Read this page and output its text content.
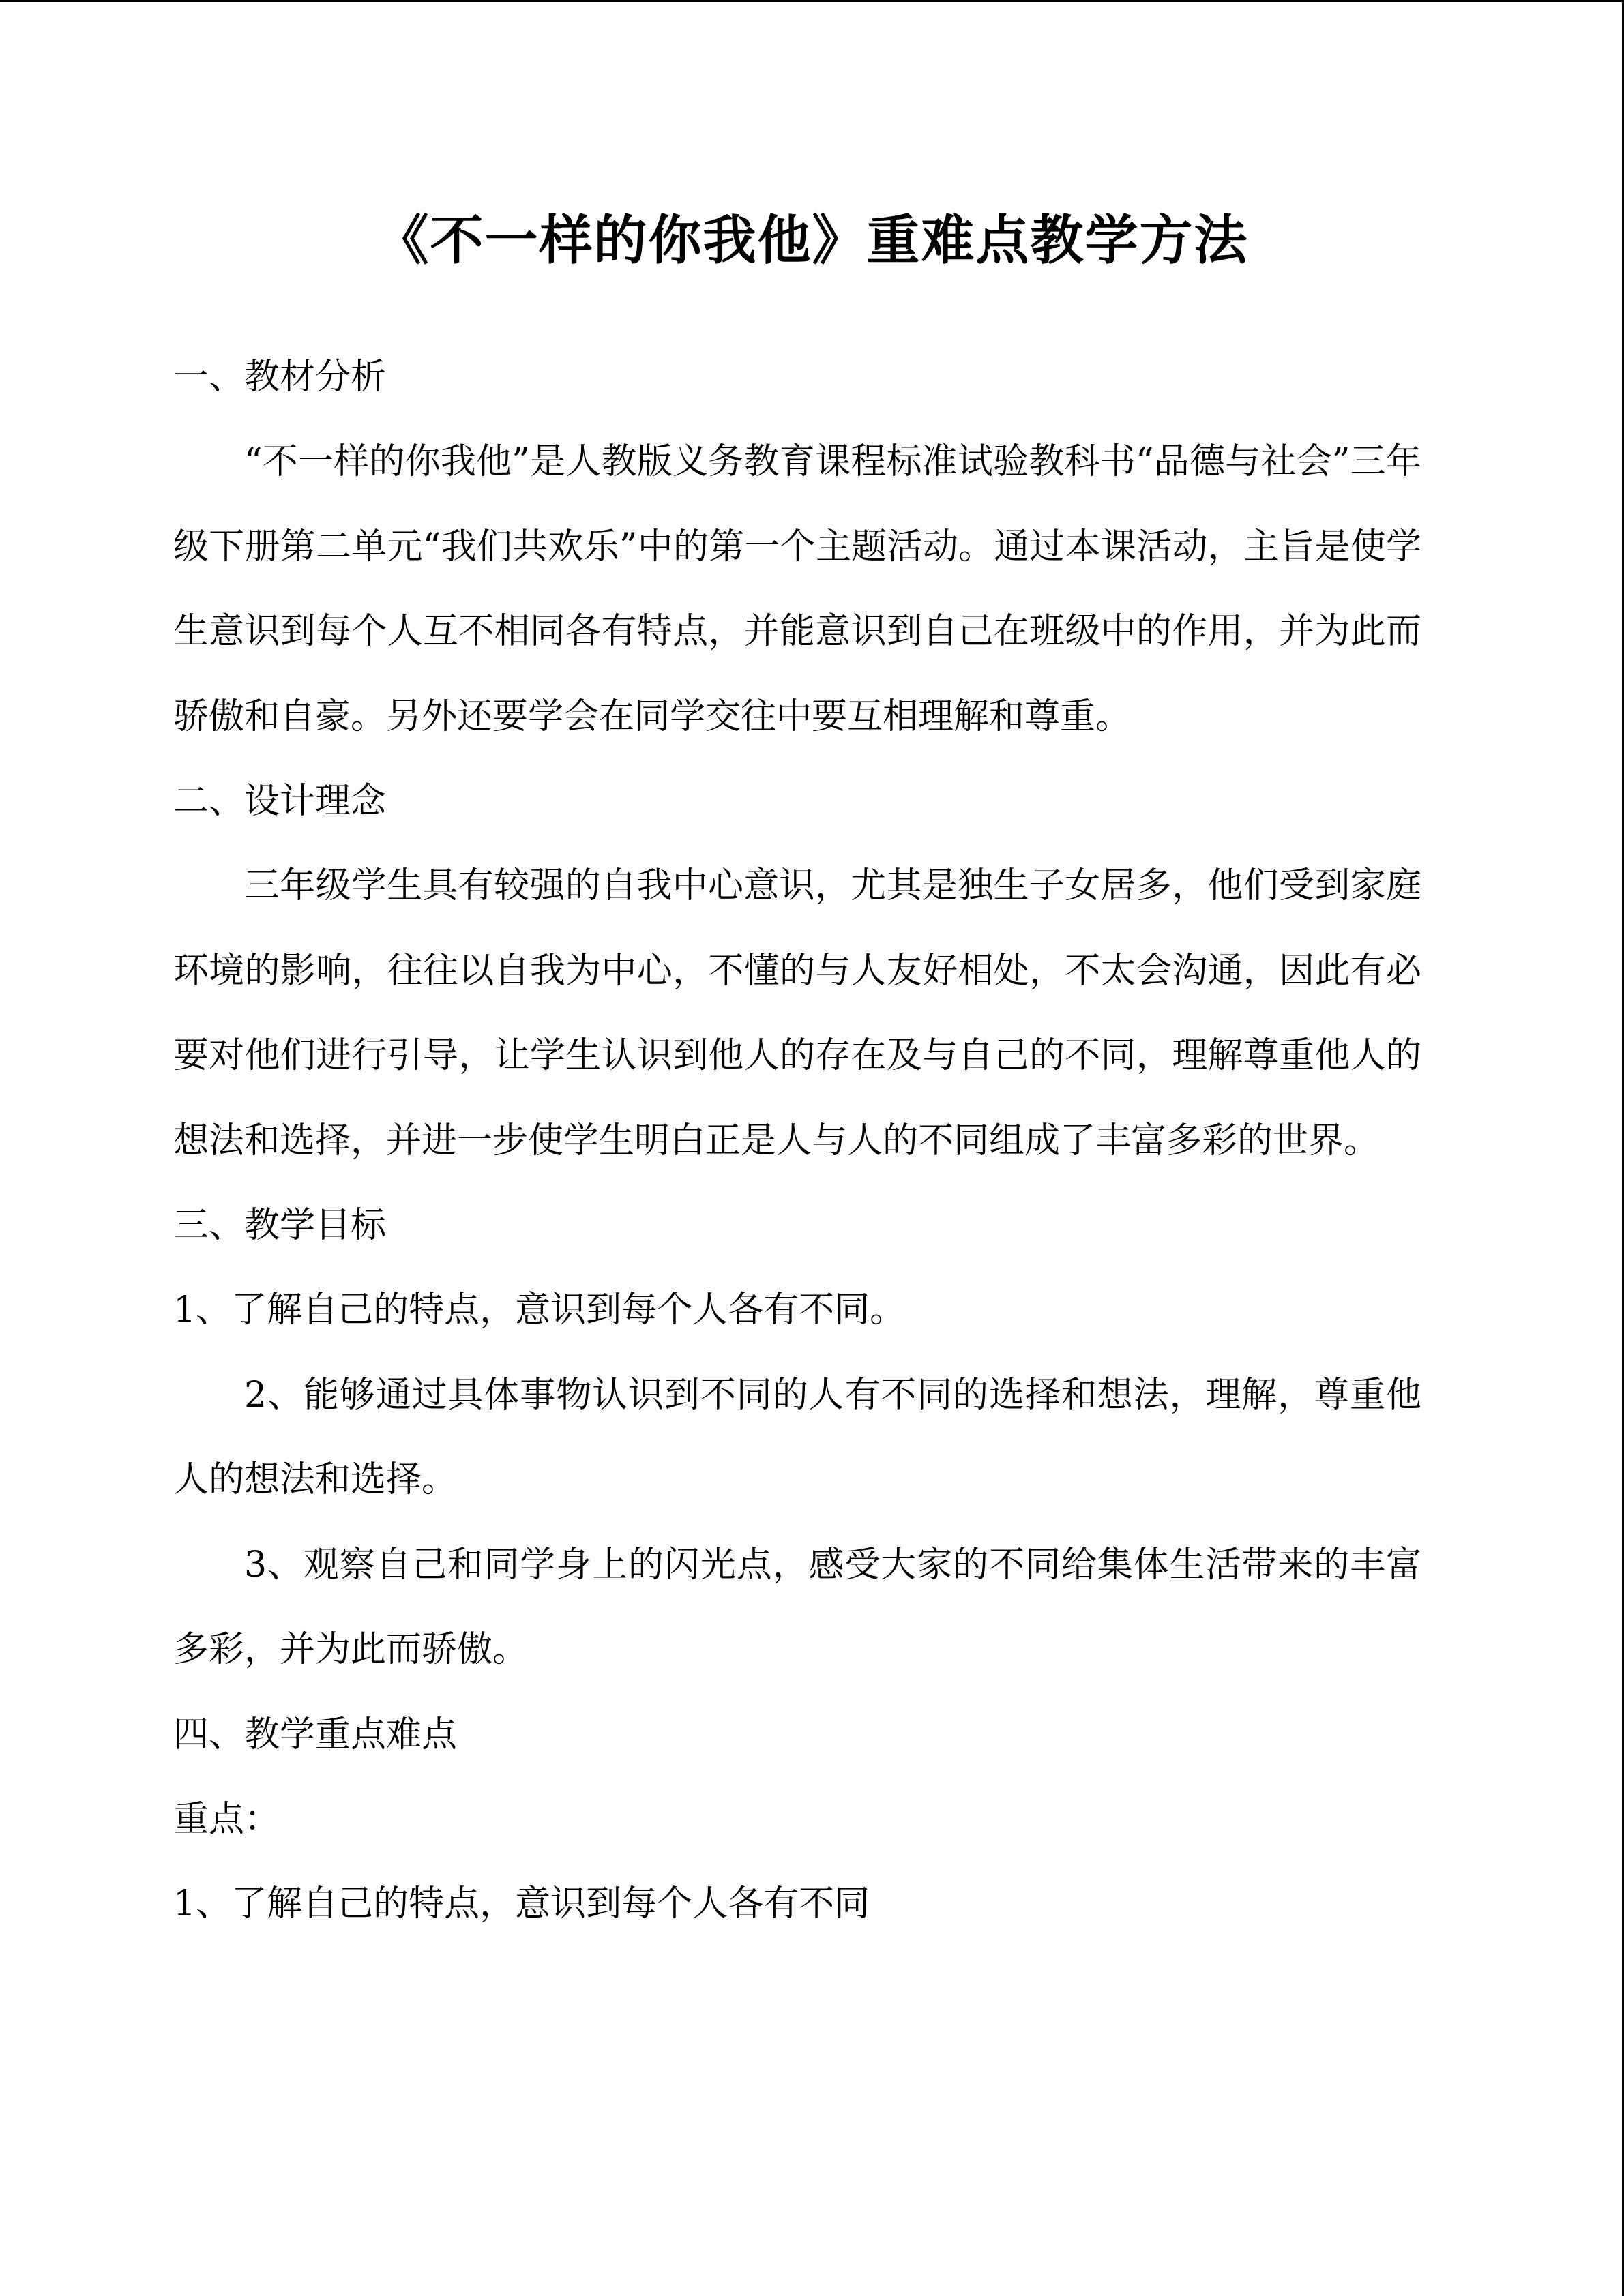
《不一样的你我他》重难点教学方法

一、教材分析

“不一样的你我他”是人教版义务教育课程标准试验教科书“品德与社会”三年级下册第二单元“我们共欢乐”中的第一个主题活动。通过本课活动，主旨是使学生意识到每个人互不相同各有特点，并能意识到自己在班级中的作用，并为此而骄傲和自豪。另外还要学会在同学交往中要互相理解和尊重。

二、设计理念

三年级学生具有较强的自我中心意识，尤其是独生子女居多，他们受到家庭环境的影响，往往以自我为中心，不懂的与人友好相处，不太会沟通，因此有必要对他们进行引导，让学生认识到他人的存在及与自己的不同，理解尊重他人的想法和选择，并进一步使学生明白正是人与人的不同组成了丰富多彩的世界。

三、教学目标

1、了解自己的特点，意识到每个人各有不同。

2、能够通过具体事物认识到不同的人有不同的选择和想法，理解，尊重他人的想法和选择。

3、观察自己和同学身上的闪光点，感受大家的不同给集体生活带来的丰富多彩，并为此而骄傲。

四、教学重点难点

重点：

1、了解自己的特点，意识到每个人各有不同
